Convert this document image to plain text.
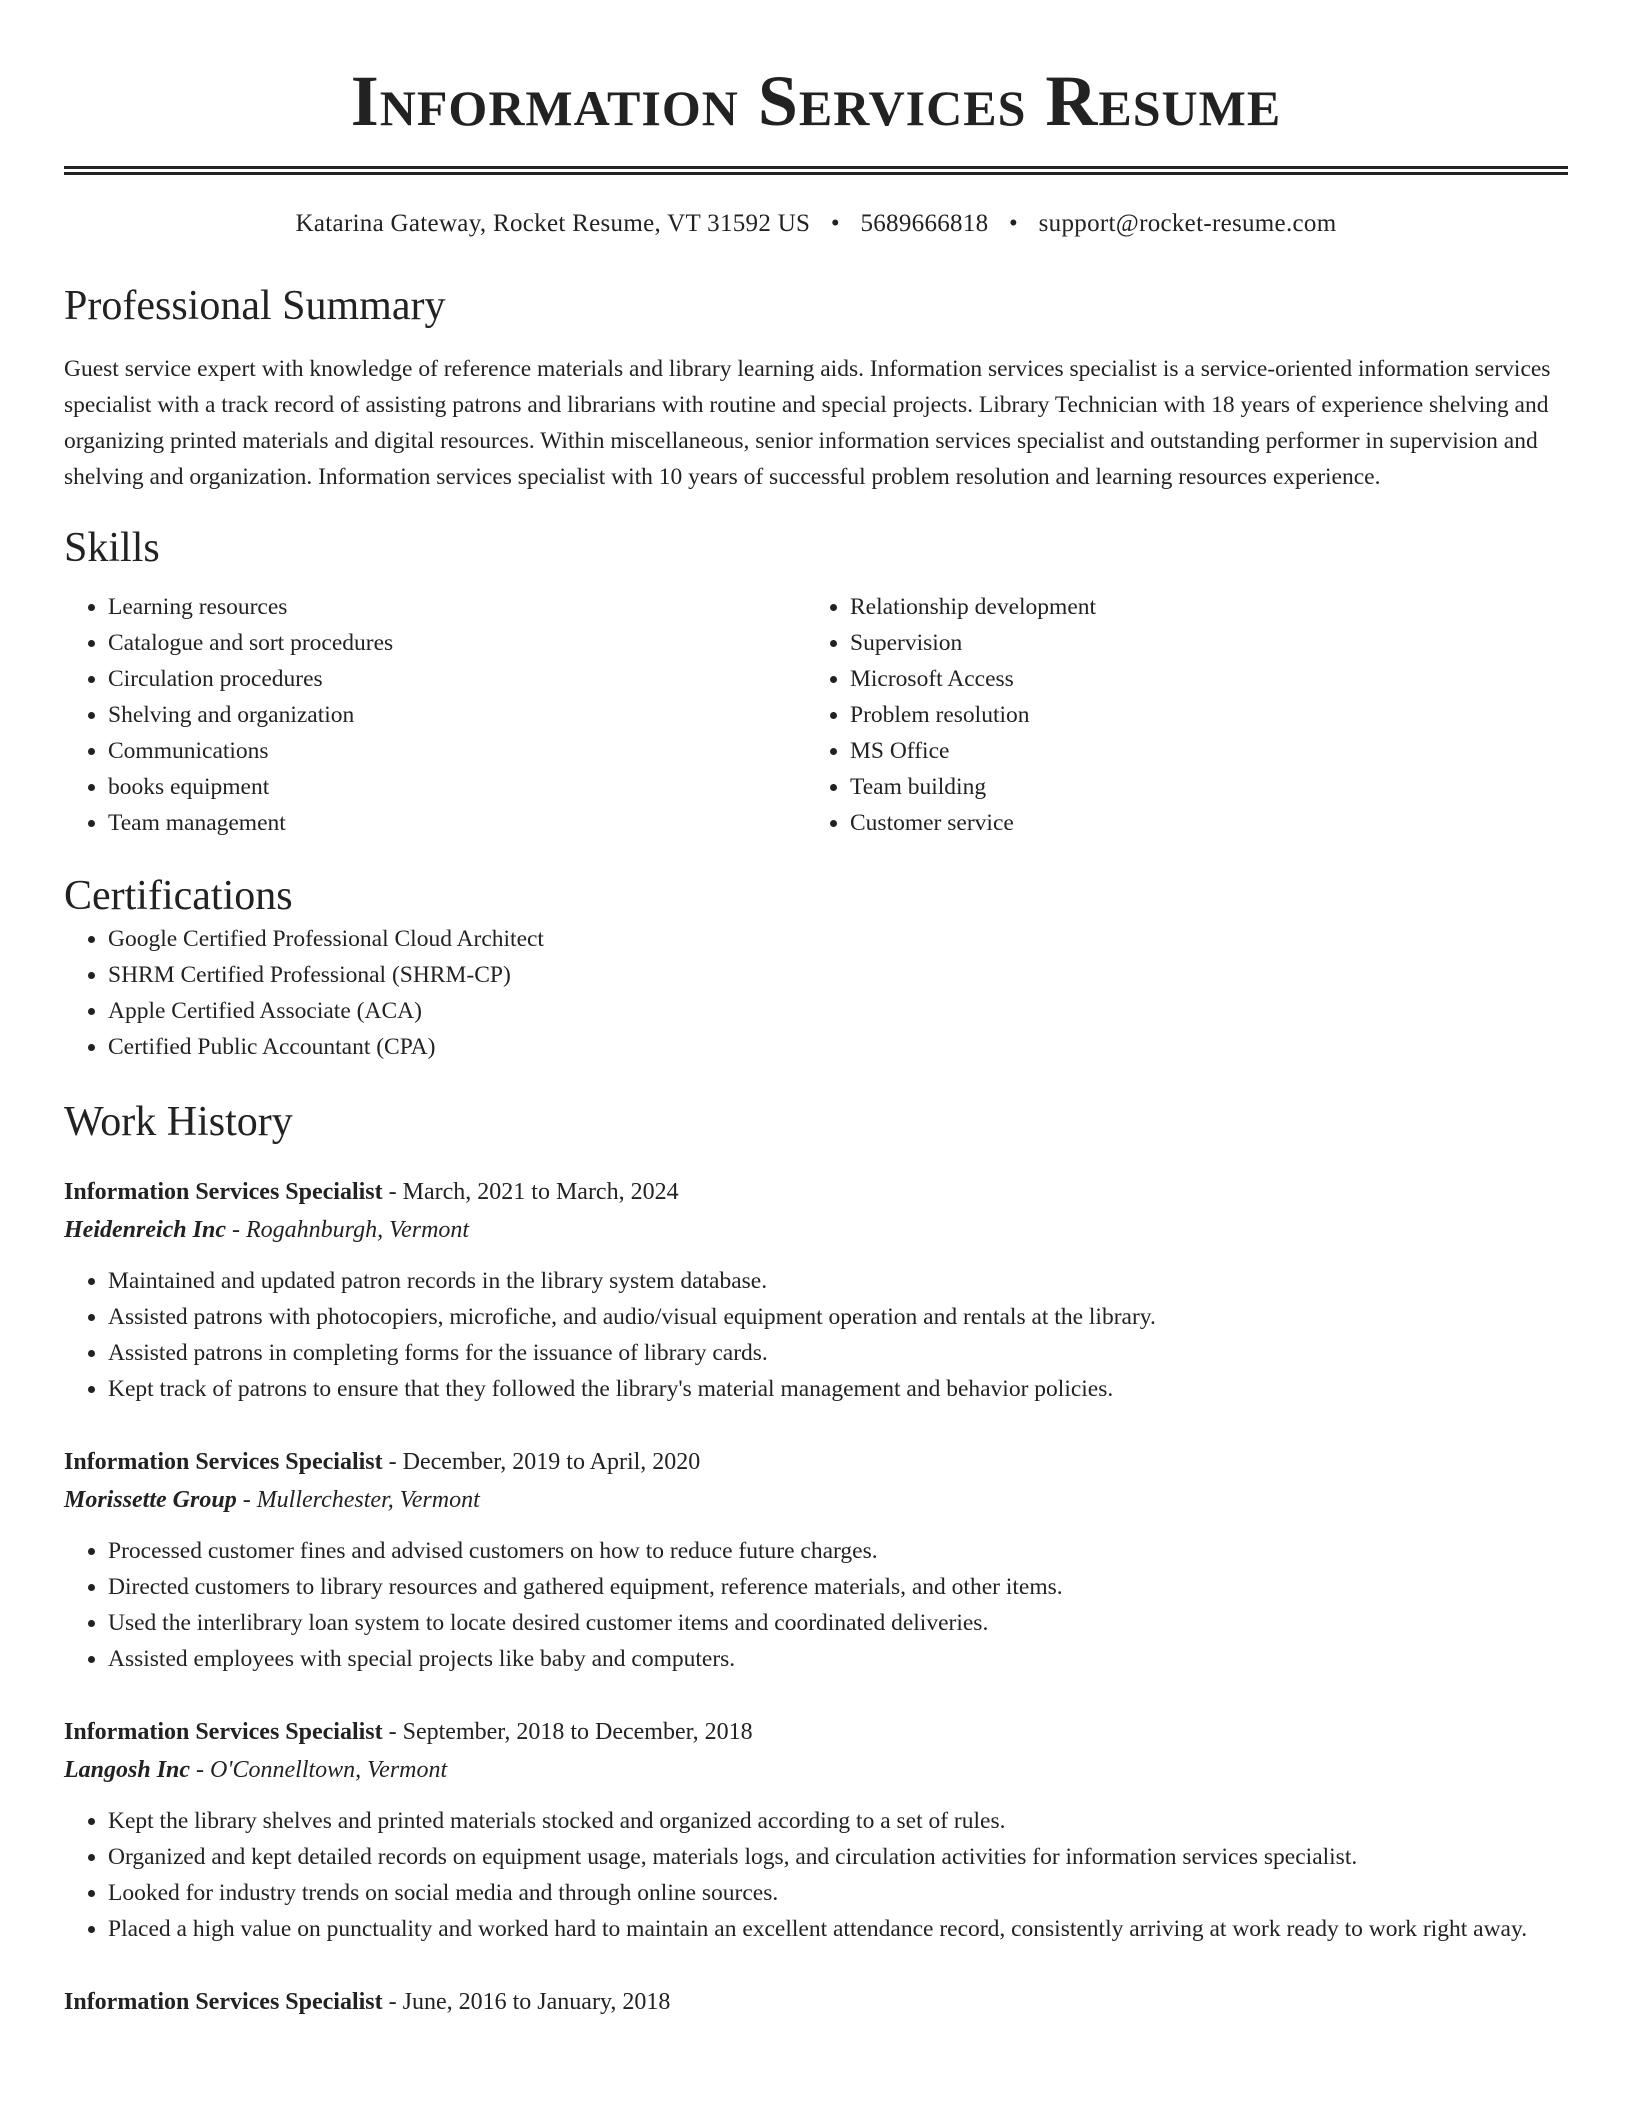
Information Services Resume
Katarina Gateway, Rocket Resume, VT 31592 US • 5689666818 • support@rocket-resume.com
Professional Summary
Guest service expert with knowledge of reference materials and library learning aids. Information services specialist is a service-oriented information services specialist with a track record of assisting patrons and librarians with routine and special projects. Library Technician with 18 years of experience shelving and organizing printed materials and digital resources. Within miscellaneous, senior information services specialist and outstanding performer in supervision and shelving and organization. Information services specialist with 10 years of successful problem resolution and learning resources experience.
Skills
• Learning resources
• Catalogue and sort procedures
• Circulation procedures
• Shelving and organization
• Communications
• books equipment
• Team management
• Relationship development
• Supervision
• Microsoft Access
• Problem resolution
• MS Office
• Team building
• Customer service
Certifications
• Google Certified Professional Cloud Architect
• SHRM Certified Professional (SHRM-CP)
• Apple Certified Associate (ACA)
• Certified Public Accountant (CPA)
Work History
Information Services Specialist - March, 2021 to March, 2024
Heidenreich Inc - Rogahnburgh, Vermont
• Maintained and updated patron records in the library system database.
• Assisted patrons with photocopiers, microfiche, and audio/visual equipment operation and rentals at the library.
• Assisted patrons in completing forms for the issuance of library cards.
• Kept track of patrons to ensure that they followed the library's material management and behavior policies.
Information Services Specialist - December, 2019 to April, 2020
Morissette Group - Mullerchester, Vermont
• Processed customer fines and advised customers on how to reduce future charges.
• Directed customers to library resources and gathered equipment, reference materials, and other items.
• Used the interlibrary loan system to locate desired customer items and coordinated deliveries.
• Assisted employees with special projects like baby and computers.
Information Services Specialist - September, 2018 to December, 2018
Langosh Inc - O'Connelltown, Vermont
• Kept the library shelves and printed materials stocked and organized according to a set of rules.
• Organized and kept detailed records on equipment usage, materials logs, and circulation activities for information services specialist.
• Looked for industry trends on social media and through online sources.
• Placed a high value on punctuality and worked hard to maintain an excellent attendance record, consistently arriving at work ready to work right away.
Information Services Specialist - June, 2016 to January, 2018
